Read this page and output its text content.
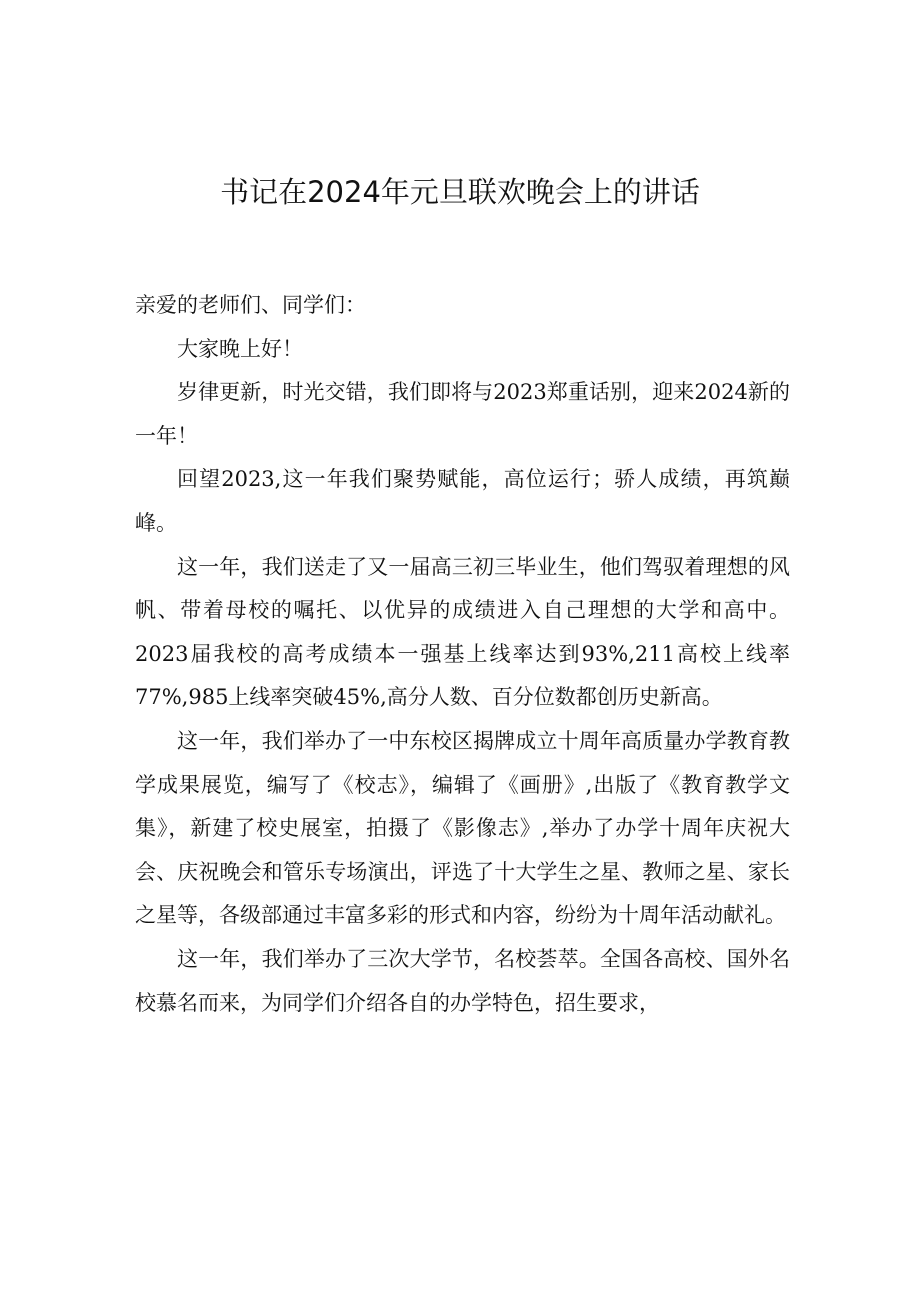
书记在2024年元旦联欢晚会上的讲话

亲爱的老师们、同学们：

大家晚上好！

岁律更新，时光交错，我们即将与2023郑重话别，迎来2024新的一年！

回望2023,这一年我们聚势赋能，高位运行；骄人成绩，再筑巅峰。

这一年，我们送走了又一届高三初三毕业生，他们驾驭着理想的风帆、带着母校的嘱托、以优异的成绩进入自己理想的大学和高中。2023届我校的高考成绩本一强基上线率达到93%,211高校上线率77%,985上线率突破45%,高分人数、百分位数都创历史新高。

这一年，我们举办了一中东校区揭牌成立十周年高质量办学教育教学成果展览，编写了《校志》，编辑了《画册》,出版了《教育教学文集》，新建了校史展室，拍摄了《影像志》,举办了办学十周年庆祝大会、庆祝晚会和管乐专场演出，评选了十大学生之星、教师之星、家长之星等，各级部通过丰富多彩的形式和内容，纷纷为十周年活动献礼。

这一年，我们举办了三次大学节，名校荟萃。全国各高校、国外名校慕名而来，为同学们介绍各自的办学特色，招生要求，
